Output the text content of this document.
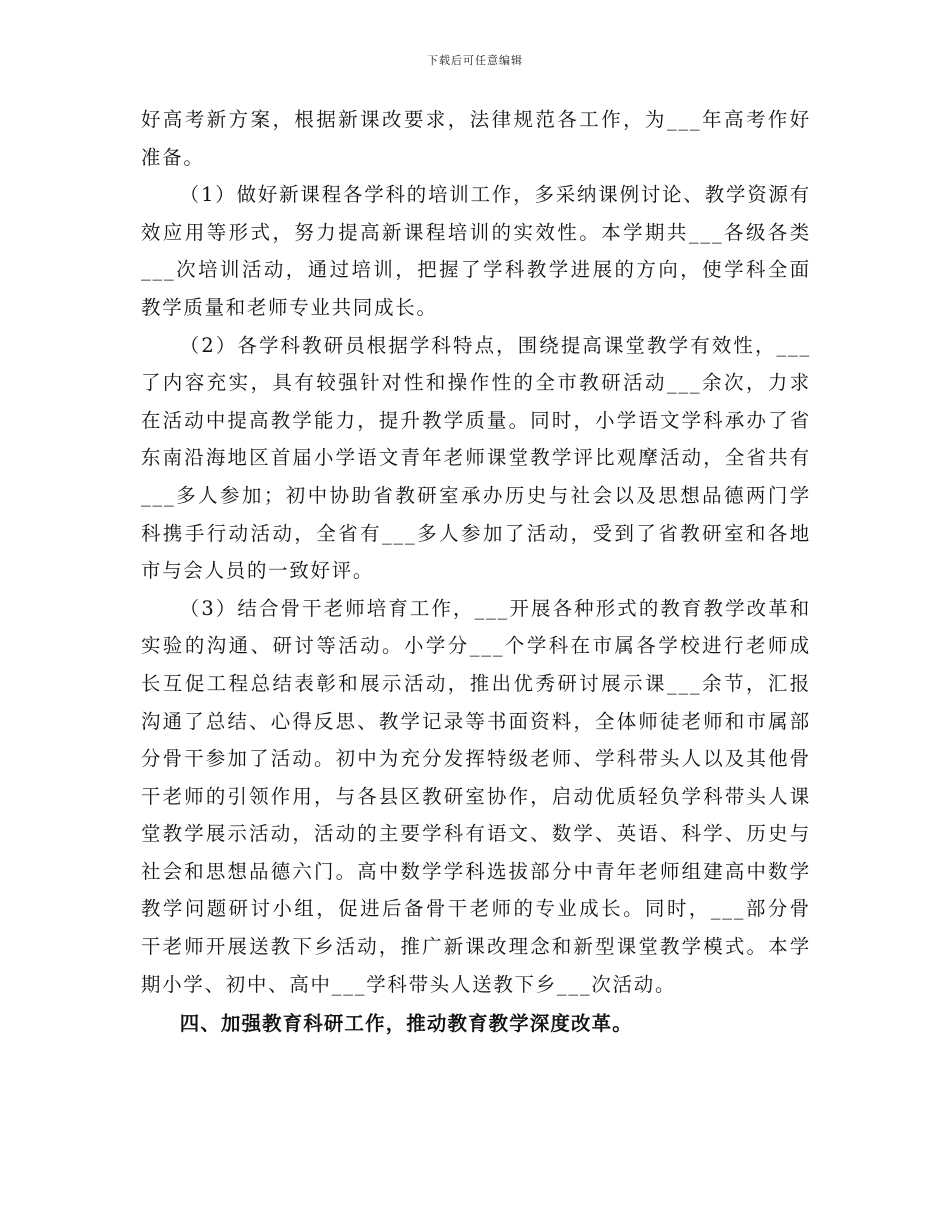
下载后可任意编辑

好高考新方案，根据新课改要求，法律规范各工作，为___年高考作好准备。

（1）做好新课程各学科的培训工作，多采纳课例讨论、教学资源有效应用等形式，努力提高新课程培训的实效性。本学期共___各级各类___次培训活动，通过培训，把握了学科教学进展的方向，使学科全面教学质量和老师专业共同成长。

（2）各学科教研员根据学科特点，围绕提高课堂教学有效性，___了内容充实，具有较强针对性和操作性的全市教研活动___余次，力求在活动中提高教学能力，提升教学质量。同时，小学语文学科承办了省东南沿海地区首届小学语文青年老师课堂教学评比观摩活动，全省共有___多人参加；初中协助省教研室承办历史与社会以及思想品德两门学科携手行动活动，全省有___多人参加了活动，受到了省教研室和各地市与会人员的一致好评。

（3）结合骨干老师培育工作，___开展各种形式的教育教学改革和实验的沟通、研讨等活动。小学分___个学科在市属各学校进行老师成长互促工程总结表彰和展示活动，推出优秀研讨展示课___余节，汇报沟通了总结、心得反思、教学记录等书面资料，全体师徒老师和市属部分骨干参加了活动。初中为充分发挥特级老师、学科带头人以及其他骨干老师的引领作用，与各县区教研室协作，启动优质轻负学科带头人课堂教学展示活动，活动的主要学科有语文、数学、英语、科学、历史与社会和思想品德六门。高中数学学科选拔部分中青年老师组建高中数学教学问题研讨小组，促进后备骨干老师的专业成长。同时，___部分骨干老师开展送教下乡活动，推广新课改理念和新型课堂教学模式。本学期小学、初中、高中___学科带头人送教下乡___次活动。

四、加强教育科研工作，推动教育教学深度改革。
